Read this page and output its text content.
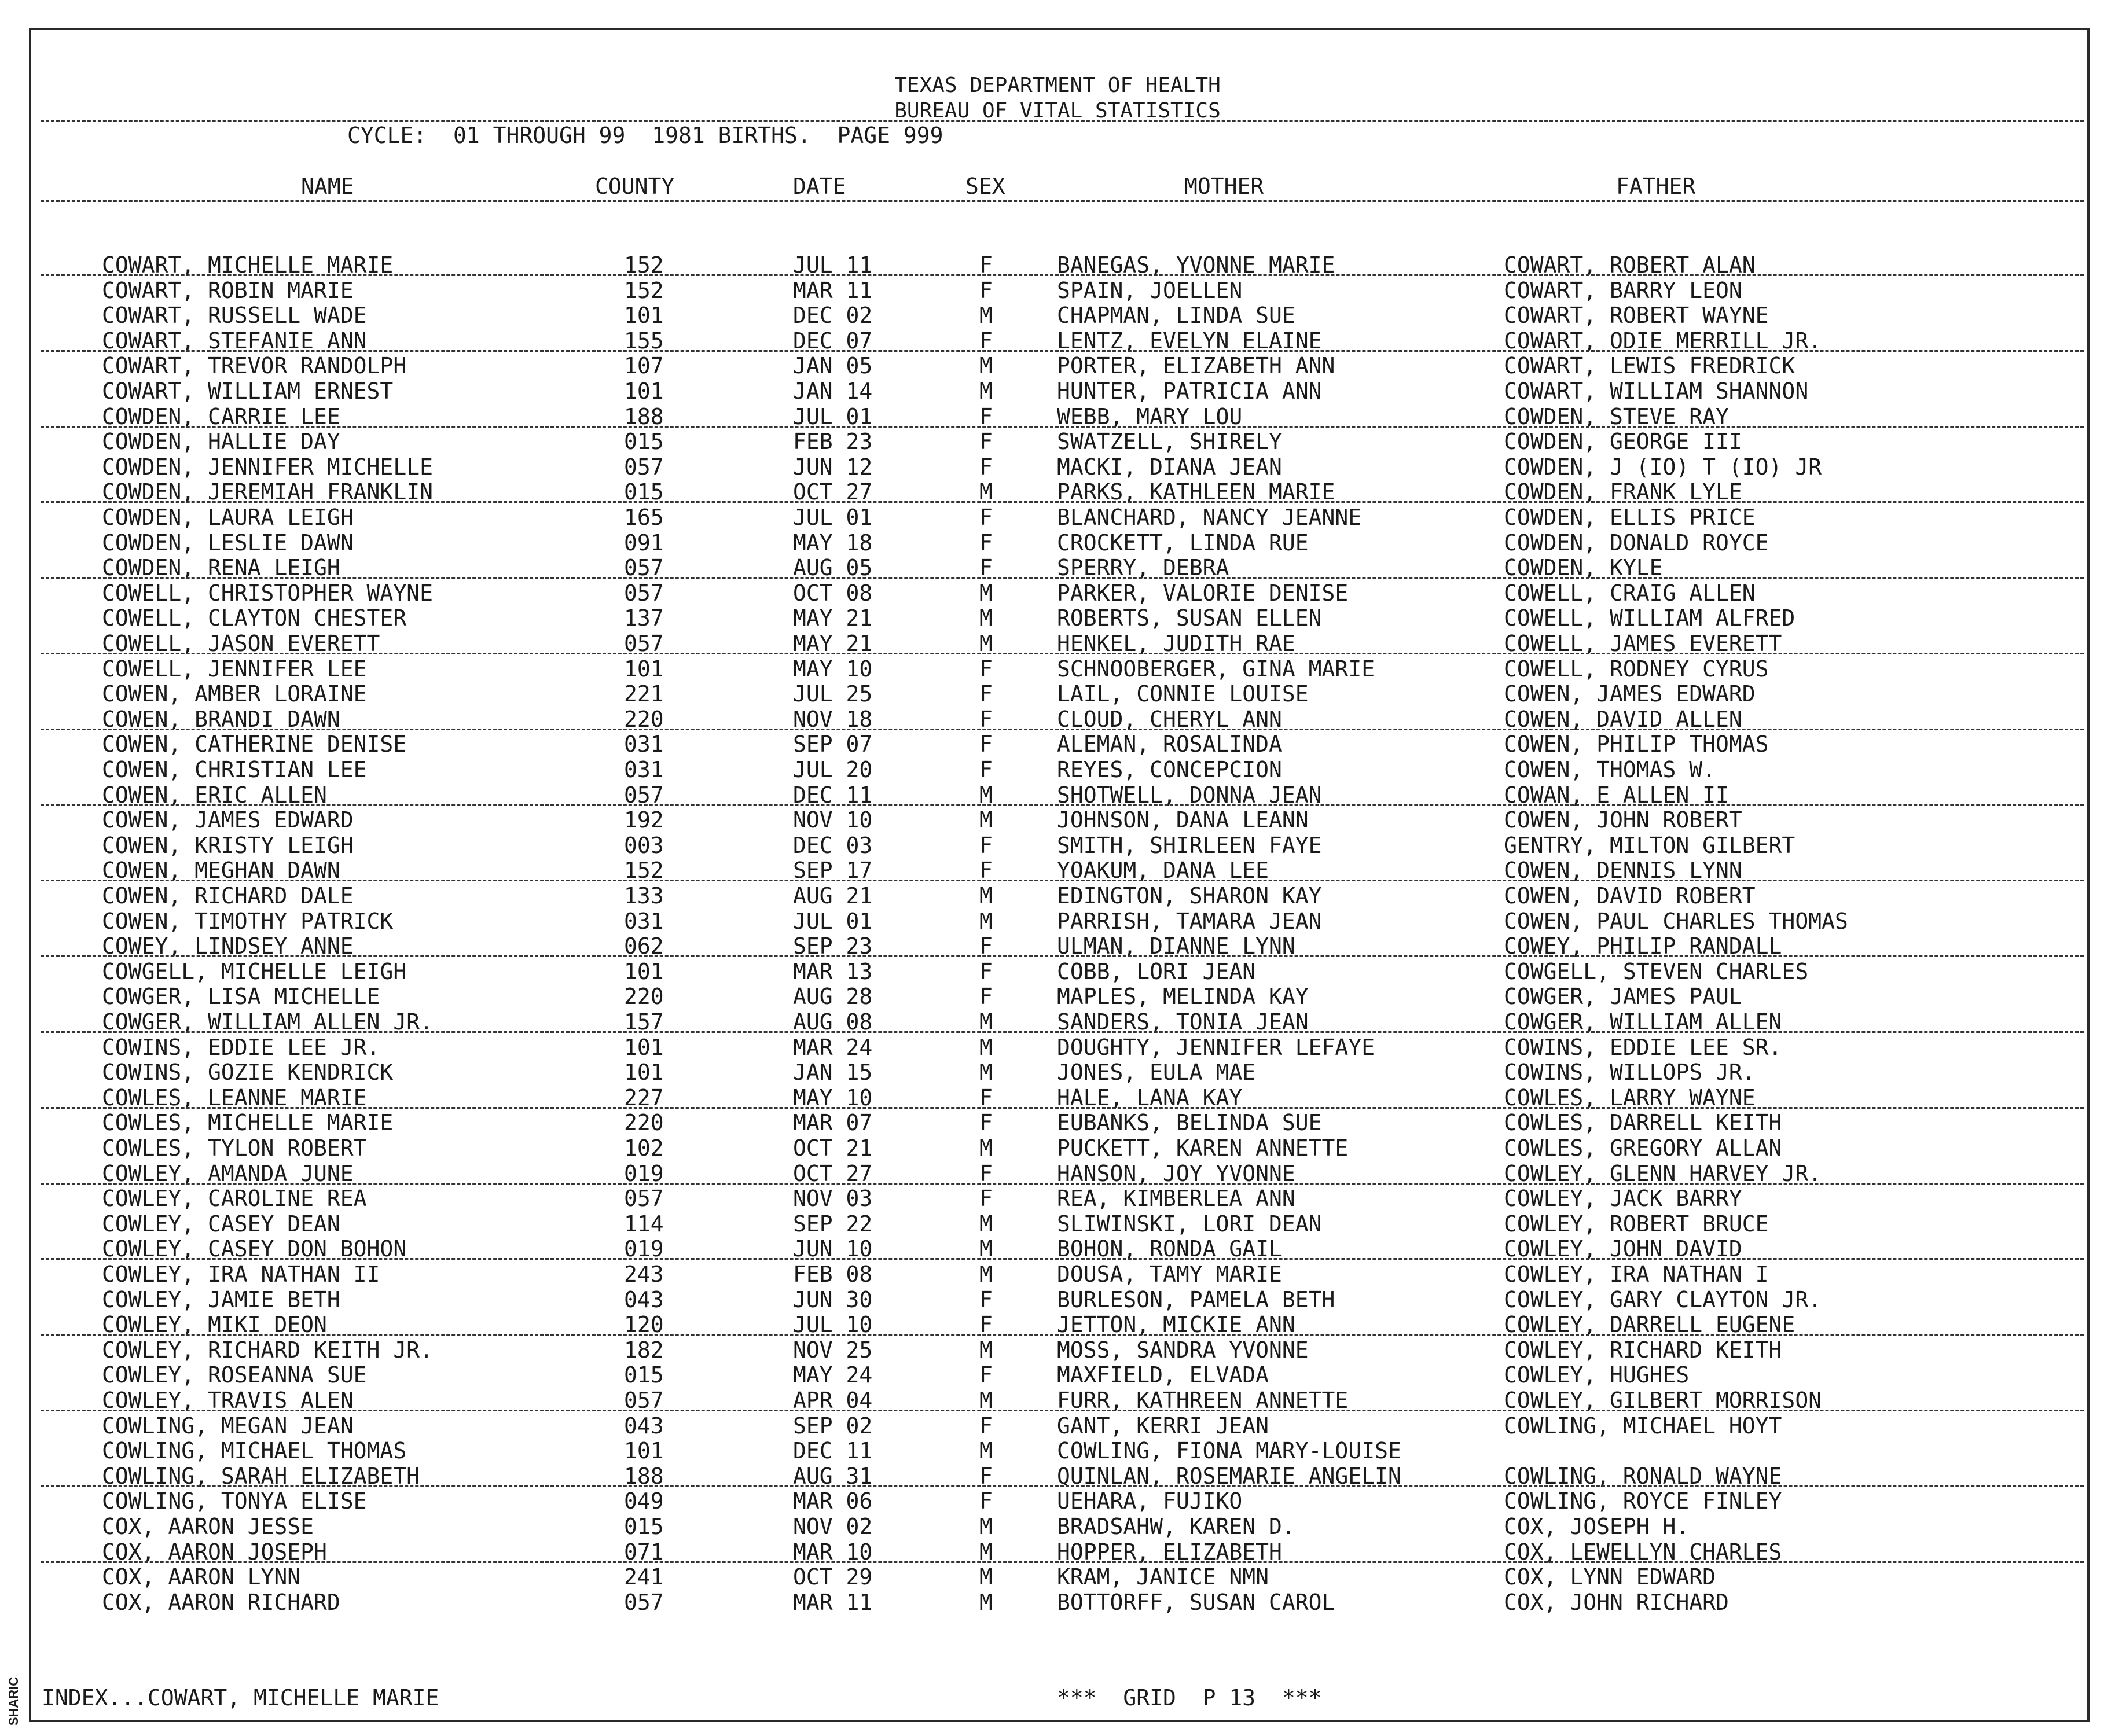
SHARIC
TEXAS DEPARTMENT OF HEALTH
BUREAU OF VITAL STATISTICS
CYCLE:  01 THROUGH 99  1981 BIRTHS.  PAGE 999
NAME	COUNTY	DATE	SEX	MOTHER	FATHER
COWART, MICHELLE MARIE	152	JUL 11	F	BANEGAS, YVONNE MARIE	COWART, ROBERT ALAN
COWART, ROBIN MARIE	152	MAR 11	F	SPAIN, JOELLEN	COWART, BARRY LEON
COWART, RUSSELL WADE	101	DEC 02	M	CHAPMAN, LINDA SUE	COWART, ROBERT WAYNE
COWART, STEFANIE ANN	155	DEC 07	F	LENTZ, EVELYN ELAINE	COWART, ODIE MERRILL JR.
COWART, TREVOR RANDOLPH	107	JAN 05	M	PORTER, ELIZABETH ANN	COWART, LEWIS FREDRICK
COWART, WILLIAM ERNEST	101	JAN 14	M	HUNTER, PATRICIA ANN	COWART, WILLIAM SHANNON
COWDEN, CARRIE LEE	188	JUL 01	F	WEBB, MARY LOU	COWDEN, STEVE RAY
COWDEN, HALLIE DAY	015	FEB 23	F	SWATZELL, SHIRELY	COWDEN, GEORGE III
COWDEN, JENNIFER MICHELLE	057	JUN 12	F	MACKI, DIANA JEAN	COWDEN, J (IO) T (IO) JR
COWDEN, JEREMIAH FRANKLIN	015	OCT 27	M	PARKS, KATHLEEN MARIE	COWDEN, FRANK LYLE
COWDEN, LAURA LEIGH	165	JUL 01	F	BLANCHARD, NANCY JEANNE	COWDEN, ELLIS PRICE
COWDEN, LESLIE DAWN	091	MAY 18	F	CROCKETT, LINDA RUE	COWDEN, DONALD ROYCE
COWDEN, RENA LEIGH	057	AUG 05	F	SPERRY, DEBRA	COWDEN, KYLE
COWELL, CHRISTOPHER WAYNE	057	OCT 08	M	PARKER, VALORIE DENISE	COWELL, CRAIG ALLEN
COWELL, CLAYTON CHESTER	137	MAY 21	M	ROBERTS, SUSAN ELLEN	COWELL, WILLIAM ALFRED
COWELL, JASON EVERETT	057	MAY 21	M	HENKEL, JUDITH RAE	COWELL, JAMES EVERETT
COWELL, JENNIFER LEE	101	MAY 10	F	SCHNOOBERGER, GINA MARIE	COWELL, RODNEY CYRUS
COWEN, AMBER LORAINE	221	JUL 25	F	LAIL, CONNIE LOUISE	COWEN, JAMES EDWARD
COWEN, BRANDI DAWN	220	NOV 18	F	CLOUD, CHERYL ANN	COWEN, DAVID ALLEN
COWEN, CATHERINE DENISE	031	SEP 07	F	ALEMAN, ROSALINDA	COWEN, PHILIP THOMAS
COWEN, CHRISTIAN LEE	031	JUL 20	F	REYES, CONCEPCION	COWEN, THOMAS W.
COWEN, ERIC ALLEN	057	DEC 11	M	SHOTWELL, DONNA JEAN	COWAN, E ALLEN II
COWEN, JAMES EDWARD	192	NOV 10	M	JOHNSON, DANA LEANN	COWEN, JOHN ROBERT
COWEN, KRISTY LEIGH	003	DEC 03	F	SMITH, SHIRLEEN FAYE	GENTRY, MILTON GILBERT
COWEN, MEGHAN DAWN	152	SEP 17	F	YOAKUM, DANA LEE	COWEN, DENNIS LYNN
COWEN, RICHARD DALE	133	AUG 21	M	EDINGTON, SHARON KAY	COWEN, DAVID ROBERT
COWEN, TIMOTHY PATRICK	031	JUL 01	M	PARRISH, TAMARA JEAN	COWEN, PAUL CHARLES THOMAS
COWEY, LINDSEY ANNE	062	SEP 23	F	ULMAN, DIANNE LYNN	COWEY, PHILIP RANDALL
COWGELL, MICHELLE LEIGH	101	MAR 13	F	COBB, LORI JEAN	COWGELL, STEVEN CHARLES
COWGER, LISA MICHELLE	220	AUG 28	F	MAPLES, MELINDA KAY	COWGER, JAMES PAUL
COWGER, WILLIAM ALLEN JR.	157	AUG 08	M	SANDERS, TONIA JEAN	COWGER, WILLIAM ALLEN
COWINS, EDDIE LEE JR.	101	MAR 24	M	DOUGHTY, JENNIFER LEFAYE	COWINS, EDDIE LEE SR.
COWINS, GOZIE KENDRICK	101	JAN 15	M	JONES, EULA MAE	COWINS, WILLOPS JR.
COWLES, LEANNE MARIE	227	MAY 10	F	HALE, LANA KAY	COWLES, LARRY WAYNE
COWLES, MICHELLE MARIE	220	MAR 07	F	EUBANKS, BELINDA SUE	COWLES, DARRELL KEITH
COWLES, TYLON ROBERT	102	OCT 21	M	PUCKETT, KAREN ANNETTE	COWLES, GREGORY ALLAN
COWLEY, AMANDA JUNE	019	OCT 27	F	HANSON, JOY YVONNE	COWLEY, GLENN HARVEY JR.
COWLEY, CAROLINE REA	057	NOV 03	F	REA, KIMBERLEA ANN	COWLEY, JACK BARRY
COWLEY, CASEY DEAN	114	SEP 22	M	SLIWINSKI, LORI DEAN	COWLEY, ROBERT BRUCE
COWLEY, CASEY DON BOHON	019	JUN 10	M	BOHON, RONDA GAIL	COWLEY, JOHN DAVID
COWLEY, IRA NATHAN II	243	FEB 08	M	DOUSA, TAMY MARIE	COWLEY, IRA NATHAN I
COWLEY, JAMIE BETH	043	JUN 30	F	BURLESON, PAMELA BETH	COWLEY, GARY CLAYTON JR.
COWLEY, MIKI DEON	120	JUL 10	F	JETTON, MICKIE ANN	COWLEY, DARRELL EUGENE
COWLEY, RICHARD KEITH JR.	182	NOV 25	M	MOSS, SANDRA YVONNE	COWLEY, RICHARD KEITH
COWLEY, ROSEANNA SUE	015	MAY 24	F	MAXFIELD, ELVADA	COWLEY, HUGHES
COWLEY, TRAVIS ALEN	057	APR 04	M	FURR, KATHREEN ANNETTE	COWLEY, GILBERT MORRISON
COWLING, MEGAN JEAN	043	SEP 02	F	GANT, KERRI JEAN	COWLING, MICHAEL HOYT
COWLING, MICHAEL THOMAS	101	DEC 11	M	COWLING, FIONA MARY-LOUISE
COWLING, SARAH ELIZABETH	188	AUG 31	F	QUINLAN, ROSEMARIE ANGELIN	COWLING, RONALD WAYNE
COWLING, TONYA ELISE	049	MAR 06	F	UEHARA, FUJIKO	COWLING, ROYCE FINLEY
COX, AARON JESSE	015	NOV 02	M	BRADSAHW, KAREN D.	COX, JOSEPH H.
COX, AARON JOSEPH	071	MAR 10	M	HOPPER, ELIZABETH	COX, LEWELLYN CHARLES
COX, AARON LYNN	241	OCT 29	M	KRAM, JANICE NMN	COX, LYNN EDWARD
COX, AARON RICHARD	057	MAR 11	M	BOTTORFF, SUSAN CAROL	COX, JOHN RICHARD
INDEX...COWART, MICHELLE MARIE	***  GRID  P 13  ***
